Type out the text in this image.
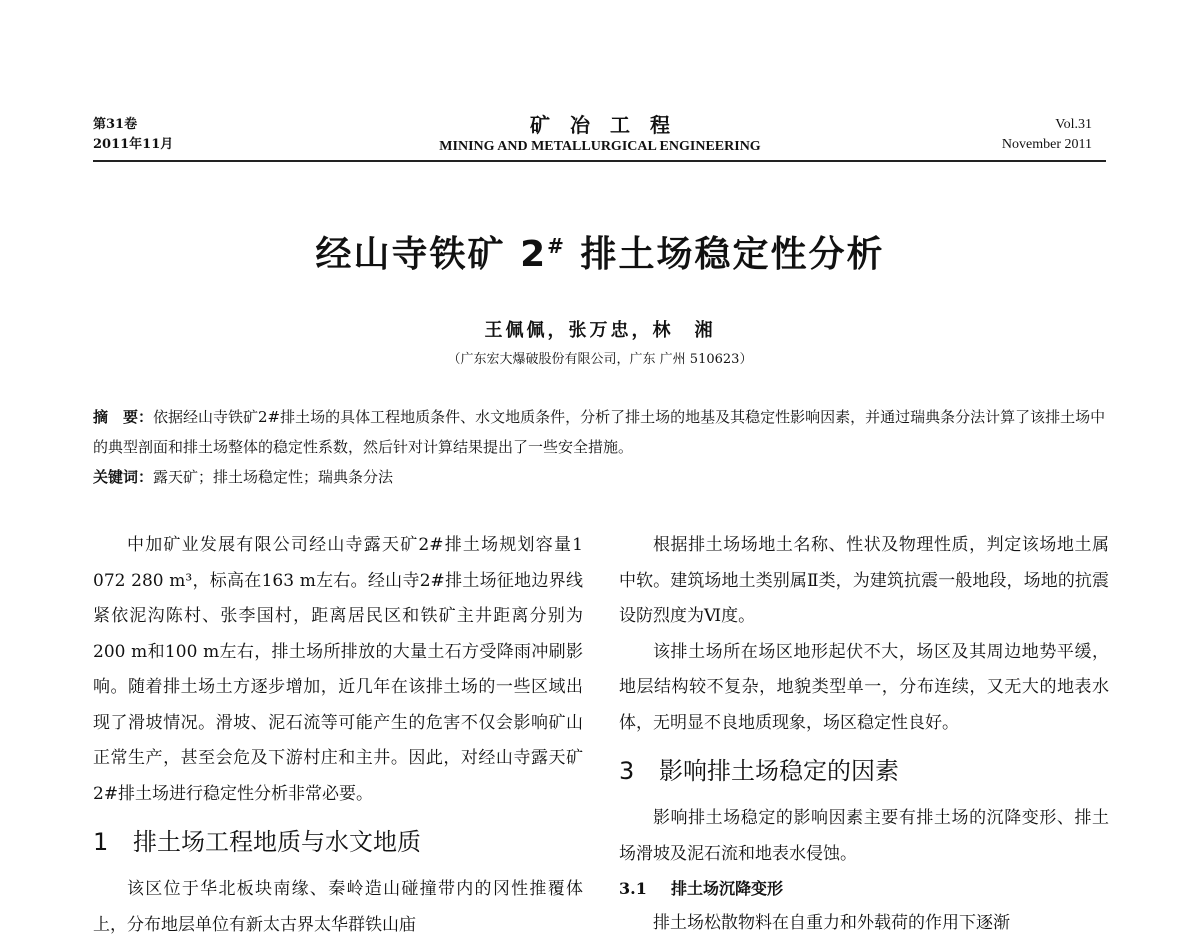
第31卷
2011年11月
矿冶工程
MINING AND METALLURGICAL ENGINEERING
Vol.31
November 2011
经山寺铁矿 2# 排土场稳定性分析
王佩佩，张万忠，林　湘
（广东宏大爆破股份有限公司，广东 广州 510623）
摘　要：依据经山寺铁矿2#排土场的具体工程地质条件、水文地质条件，分析了排土场的地基及其稳定性影响因素，并通过瑞典条分法计算了该排土场中的典型剖面和排土场整体的稳定性系数，然后针对计算结果提出了一些安全措施。
关键词：露天矿；排土场稳定性；瑞典条分法

中加矿业发展有限公司经山寺露天矿2#排土场规划容量1 072 280 m³，标高在163 m左右。经山寺2#排土场征地边界线紧依泥沟陈村、张李国村，距离居民区和铁矿主井距离分别为200 m和100 m左右，排土场所排放的大量土石方受降雨冲刷影响。随着排土场土方逐步增加，近几年在该排土场的一些区域出现了滑坡情况。滑坡、泥石流等可能产生的危害不仅会影响矿山正常生产，甚至会危及下游村庄和主井。因此，对经山寺露天矿2#排土场进行稳定性分析非常必要。

1 排土场工程地质与水文地质

该区位于华北板块南缘、秦岭造山碰撞带内的冈性推覆体上，分布地层单位有新太古界太华群铁山庙

根据排土场场地土名称、性状及物理性质，判定该场地土属中软。建筑场地土类别属Ⅱ类，为建筑抗震一般地段，场地的抗震设防烈度为Ⅵ度。

该排土场所在场区地形起伏不大，场区及其周边地势平缓，地层结构较不复杂，地貌类型单一，分布连续，又无大的地表水体，无明显不良地质现象，场区稳定性良好。

3 影响排土场稳定的因素

影响排土场稳定的影响因素主要有排土场的沉降变形、排土场滑坡及泥石流和地表水侵蚀。

3.1 排土场沉降变形

排土场松散物料在自重力和外载荷的作用下逐渐
